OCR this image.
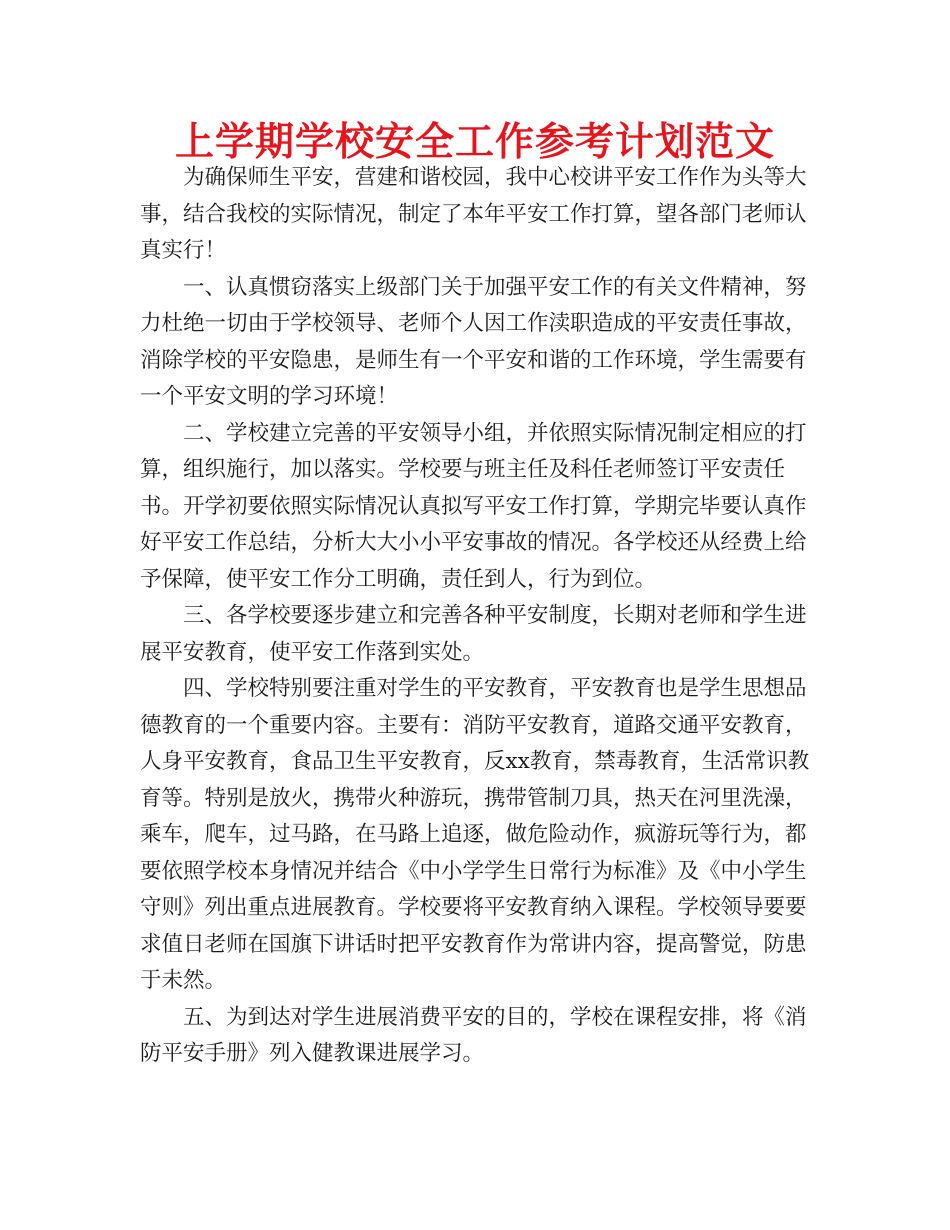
上学期学校安全工作参考计划范文

为确保师生平安，营建和谐校园，我中心校讲平安工作作为头等大事，结合我校的实际情况，制定了本年平安工作打算，望各部门老师认真实行！

一、认真惯窃落实上级部门关于加强平安工作的有关文件精神，努力杜绝一切由于学校领导、老师个人因工作渎职造成的平安责任事故，消除学校的平安隐患，是师生有一个平安和谐的工作环境，学生需要有一个平安文明的学习环境！

二、学校建立完善的平安领导小组，并依照实际情况制定相应的打算，组织施行，加以落实。学校要与班主任及科任老师签订平安责任书。开学初要依照实际情况认真拟写平安工作打算，学期完毕要认真作好平安工作总结，分析大大小小平安事故的情况。各学校还从经费上给予保障，使平安工作分工明确，责任到人，行为到位。

三、各学校要逐步建立和完善各种平安制度，长期对老师和学生进展平安教育，使平安工作落到实处。

四、学校特别要注重对学生的平安教育，平安教育也是学生思想品德教育的一个重要内容。主要有：消防平安教育，道路交通平安教育，人身平安教育，食品卫生平安教育，反xx教育，禁毒教育，生活常识教育等。特别是放火，携带火种游玩，携带管制刀具，热天在河里洗澡，乘车，爬车，过马路，在马路上追逐，做危险动作，疯游玩等行为，都要依照学校本身情况并结合《中小学学生日常行为标准》及《中小学生守则》列出重点进展教育。学校要将平安教育纳入课程。学校领导要要求值日老师在国旗下讲话时把平安教育作为常讲内容，提高警觉，防患于未然。

五、为到达对学生进展消费平安的目的，学校在课程安排，将《消防平安手册》列入健教课进展学习。
